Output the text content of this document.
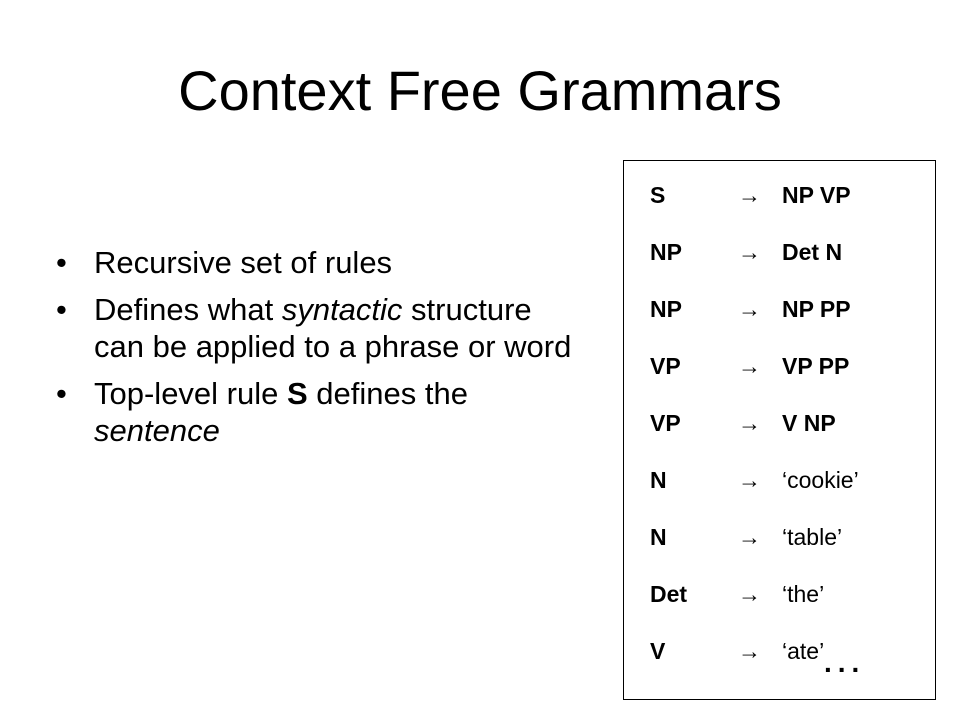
Context Free Grammars
• Recursive set of rules
• Defines what syntactic structure can be applied to a phrase or word
• Top-level rule S defines the sentence
...
S	→ NP VP
NP → Det N
NP → NP PP
VP → VP PP
VP → V NP
N	→ ‘cookie’
N	→ ‘table’
Det → ‘the’
V	→ ‘ate’
